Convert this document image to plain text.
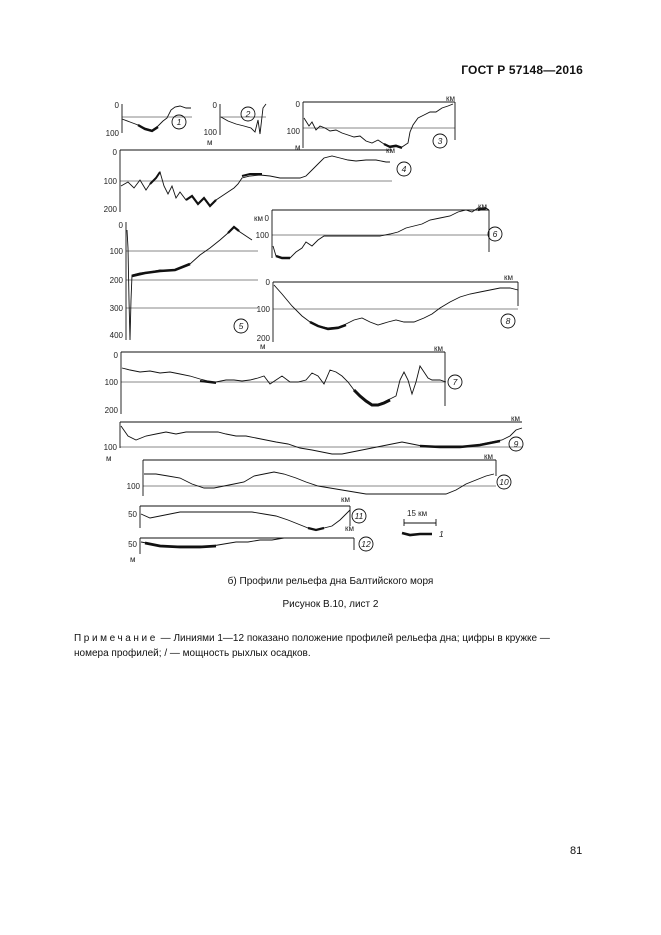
ГОСТ Р 57148—2016
1
2
3
4
5
6
8
7
9
10
11
12
0
100
0
100
0
100
0
100
200
0
100
200
300
400
0
100
0
100
200
0
100
200
100
100
50
50
м
м
м
м
м
км
км
км
км
км
км
км
км
км
км
15 км
1
б) Профили рельефа дна Балтийского моря
Рисунок В.10, лист 2
Примечание — Линиями 1—12 показано положение профилей рельефа дна; цифры в кружке — номера профилей; / — мощность рыхлых осадков.
81
